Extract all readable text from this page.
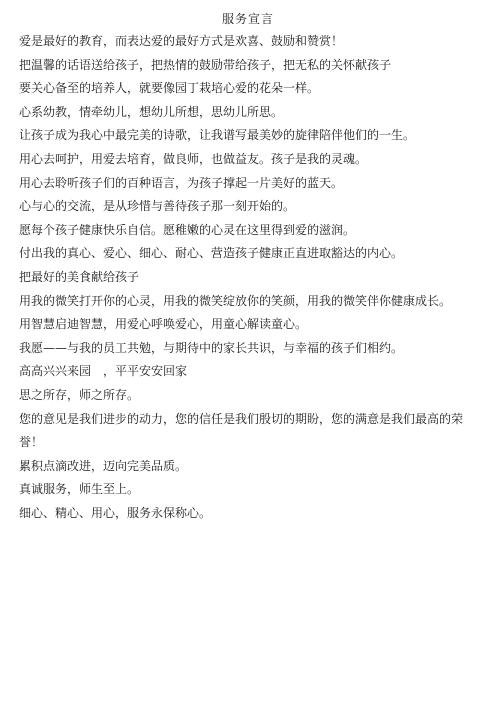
服务宣言

爱是最好的教育，而表达爱的最好方式是欢喜、鼓励和赞赏！

把温馨的话语送给孩子，把热情的鼓励带给孩子，把无私的关怀献孩子

要关心备至的培养人，就要像园丁栽培心爱的花朵一样。

心系幼教，情牵幼儿，想幼儿所想，思幼儿所思。

让孩子成为我心中最完美的诗歌，让我谱写最美妙的旋律陪伴他们的一生。

用心去呵护，用爱去培育，做良师，也做益友。孩子是我的灵魂。

用心去聆听孩子们的百种语言，为孩子撑起一片美好的蓝天。

心与心的交流，是从珍惜与善待孩子那一刻开始的。

愿每个孩子健康快乐自信。愿稚嫩的心灵在这里得到爱的滋润。

付出我的真心、爱心、细心、耐心、营造孩子健康正直进取豁达的内心。

把最好的美食献给孩子

用我的微笑打开你的心灵，用我的微笑绽放你的笑颜，用我的微笑伴你健康成长。

用智慧启迪智慧，用爱心呼唤爱心，用童心解读童心。

我愿——与我的员工共勉，与期待中的家长共识，与幸福的孩子们相约。

高高兴兴来园　，平平安安回家

思之所存，师之所存。

您的意见是我们进步的动力，您的信任是我们殷切的期盼，您的满意是我们最高的荣誉！

累积点滴改进，迈向完美品质。

真诚服务，师生至上。

细心、精心、用心，服务永保称心。
